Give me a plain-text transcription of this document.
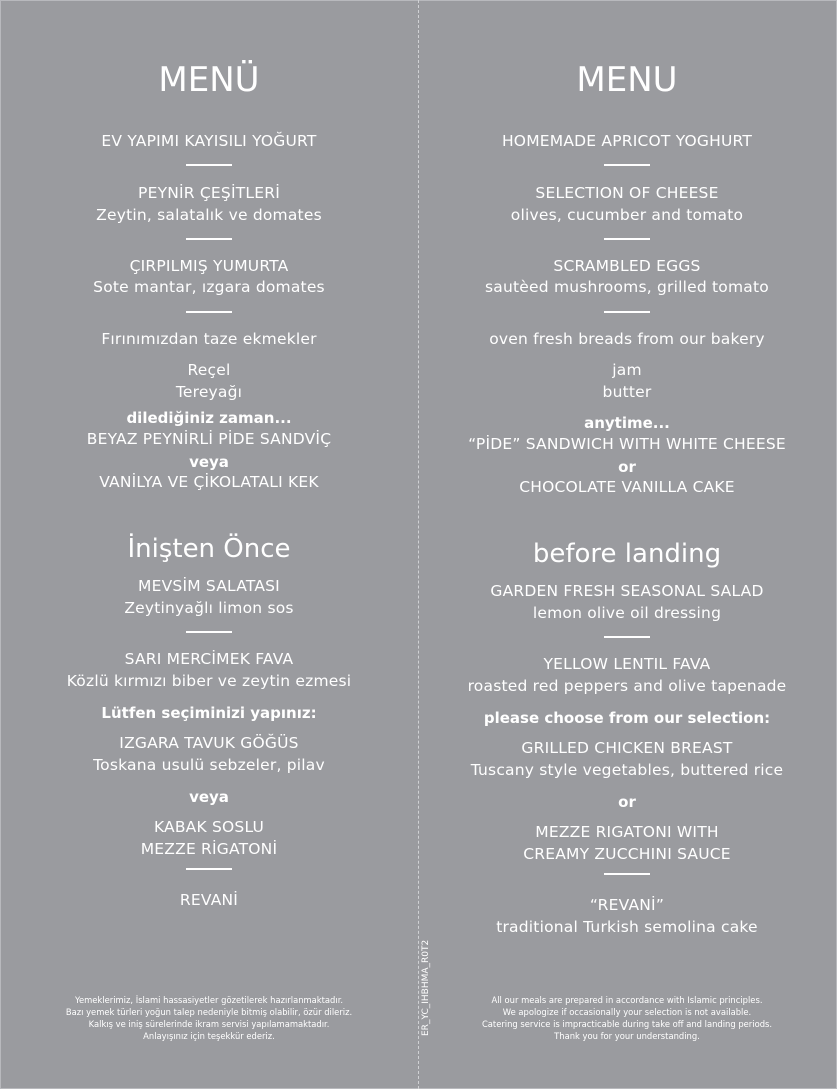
ER_YC_IHBHMA_R0T2
MENÜ
EV YAPIMI KAYISILI YOĞURT
PEYNİR ÇEŞİTLERİ
Zeytin, salatalık ve domates
ÇIRPILMIŞ YUMURTA
Sote mantar, ızgara domates
Fırınımızdan taze ekmekler
Reçel
Tereyağı
dilediğiniz zaman...
BEYAZ PEYNİRLİ PİDE SANDVİÇ
veya
VANİLYA VE ÇİKOLATALI KEK
İnişten Önce
MEVSİM SALATASI
Zeytinyağlı limon sos
SARI MERCİMEK FAVA
Közlü kırmızı biber ve zeytin ezmesi
Lütfen seçiminizi yapınız:
IZGARA TAVUK GÖĞÜS
Toskana usulü sebzeler, pilav
veya
KABAK SOSLU
MEZZE RİGATONİ
REVANİ
Yemeklerimiz, İslami hassasiyetler gözetilerek hazırlanmaktadır.
Bazı yemek türleri yoğun talep nedeniyle bitmiş olabilir, özür dileriz.
Kalkış ve iniş sürelerinde ikram servisi yapılamamaktadır.
Anlayışınız için teşekkür ederiz.
MENU
HOMEMADE APRICOT YOGHURT
SELECTION OF CHEESE
olives, cucumber and tomato
SCRAMBLED EGGS
sautèed mushrooms, grilled tomato
oven fresh breads from our bakery
jam
butter
anytime...
“PİDE” SANDWICH WITH WHITE CHEESE
or
CHOCOLATE VANILLA CAKE
before landing
GARDEN FRESH SEASONAL SALAD
lemon olive oil dressing
YELLOW LENTIL FAVA
roasted red peppers and olive tapenade
please choose from our selection:
GRILLED CHICKEN BREAST
Tuscany style vegetables, buttered rice
or
MEZZE RIGATONI WITH
CREAMY ZUCCHINI SAUCE
“REVANİ”
traditional Turkish semolina cake
All our meals are prepared in accordance with Islamic principles.
We apologize if occasionally your selection is not available.
Catering service is impracticable during take off and landing periods.
Thank you for your understanding.
